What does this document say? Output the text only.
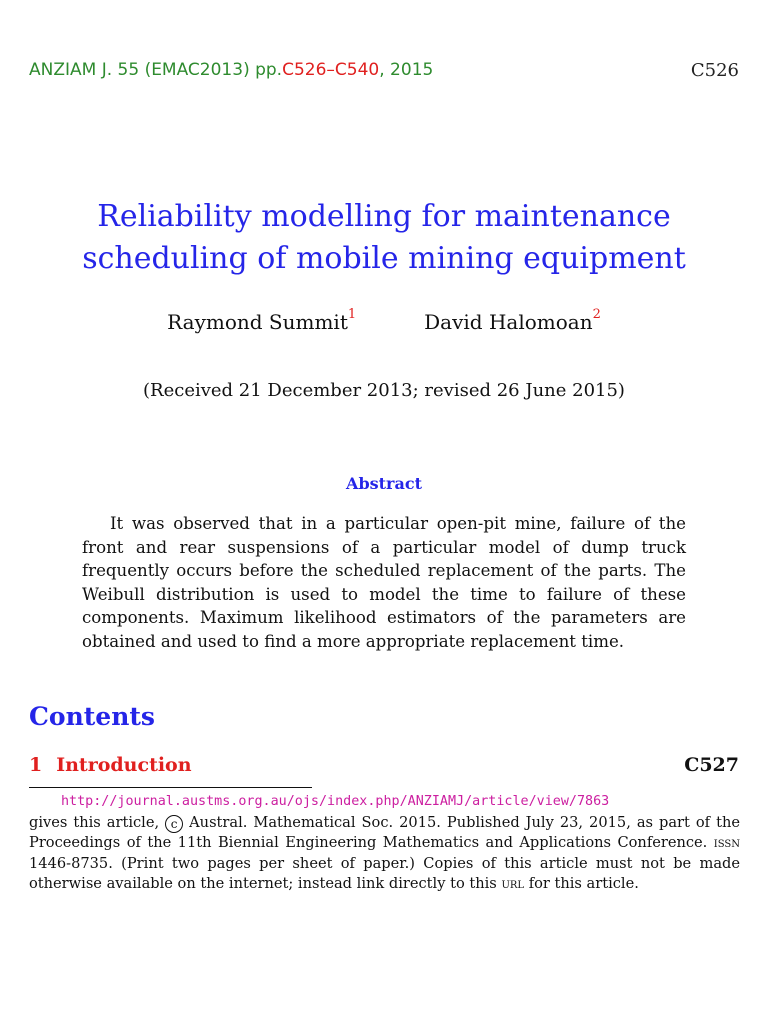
ANZIAM J. 55 (EMAC2013) pp.C526–C540, 2015	C526
Reliability modelling for maintenance
scheduling of mobile mining equipment
Raymond Summit$^1$	David Halomoan$^2$
(Received 21 December 2013; revised 26 June 2015)
Abstract

It was observed that in a particular open-pit mine, failure of the front and rear suspensions of a particular model of dump truck frequently occurs before the scheduled replacement of the parts. The Weibull distribution is used to model the time to failure of these components. Maximum likelihood estimators of the parameters are obtained and used to find a more appropriate replacement time.

Contents
1 Introduction	C527

http://journal.austms.org.au/ojs/index.php/ANZIAMJ/article/view/7863
gives this article, c Austral. Mathematical Soc. 2015. Published July 23, 2015, as part of the Proceedings of the 11th Biennial Engineering Mathematics and Applications Conference. issn 1446-8735. (Print two pages per sheet of paper.) Copies of this article must not be made otherwise available on the internet; instead link directly to this url for this article.
